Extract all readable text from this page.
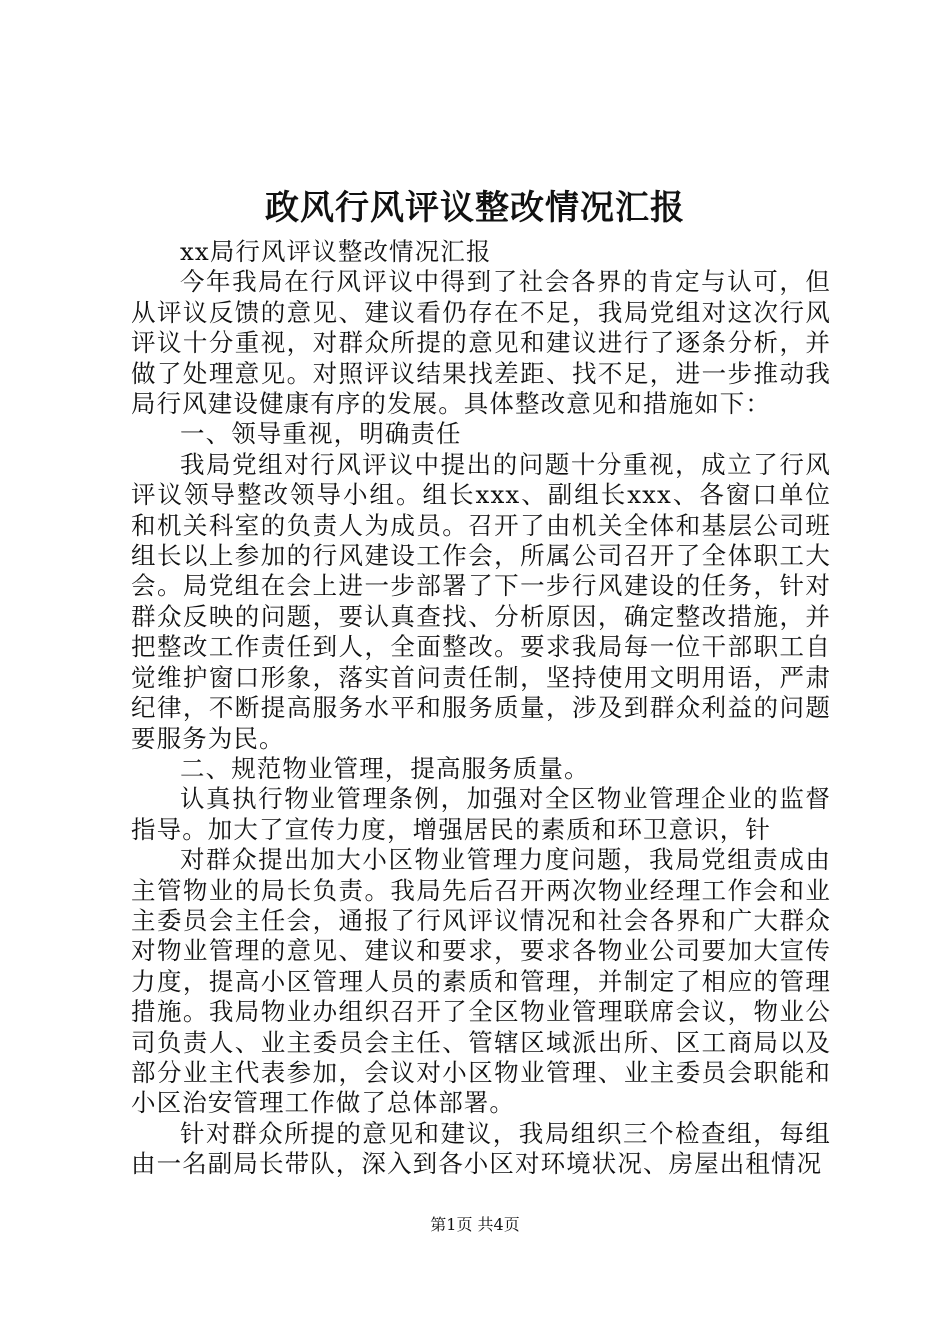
政风行风评议整改情况汇报

xx局行风评议整改情况汇报

今年我局在行风评议中得到了社会各界的肯定与认可，但从评议反馈的意见、建议看仍存在不足，我局党组对这次行风评议十分重视，对群众所提的意见和建议进行了逐条分析，并做了处理意见。对照评议结果找差距、找不足，进一步推动我局行风建设健康有序的发展。具体整改意见和措施如下：

一、领导重视，明确责任

我局党组对行风评议中提出的问题十分重视，成立了行风评议领导整改领导小组。组长xxx、副组长xxx、各窗口单位和机关科室的负责人为成员。召开了由机关全体和基层公司班组长以上参加的行风建设工作会，所属公司召开了全体职工大会。局党组在会上进一步部署了下一步行风建设的任务，针对群众反映的问题，要认真查找、分析原因，确定整改措施，并把整改工作责任到人，全面整改。要求我局每一位干部职工自觉维护窗口形象，落实首问责任制，坚持使用文明用语，严肃纪律，不断提高服务水平和服务质量，涉及到群众利益的问题要服务为民。

二、规范物业管理，提高服务质量。

认真执行物业管理条例，加强对全区物业管理企业的监督指导。加大了宣传力度，增强居民的素质和环卫意识，针

对群众提出加大小区物业管理力度问题，我局党组责成由主管物业的局长负责。我局先后召开两次物业经理工作会和业主委员会主任会，通报了行风评议情况和社会各界和广大群众对物业管理的意见、建议和要求，要求各物业公司要加大宣传力度，提高小区管理人员的素质和管理，并制定了相应的管理措施。我局物业办组织召开了全区物业管理联席会议，物业公司负责人、业主委员会主任、管辖区域派出所、区工商局以及部分业主代表参加，会议对小区物业管理、业主委员会职能和小区治安管理工作做了总体部署。

针对群众所提的意见和建议，我局组织三个检查组，每组由一名副局长带队，深入到各小区对环境状况、房屋出租情况

第1页 共4页
